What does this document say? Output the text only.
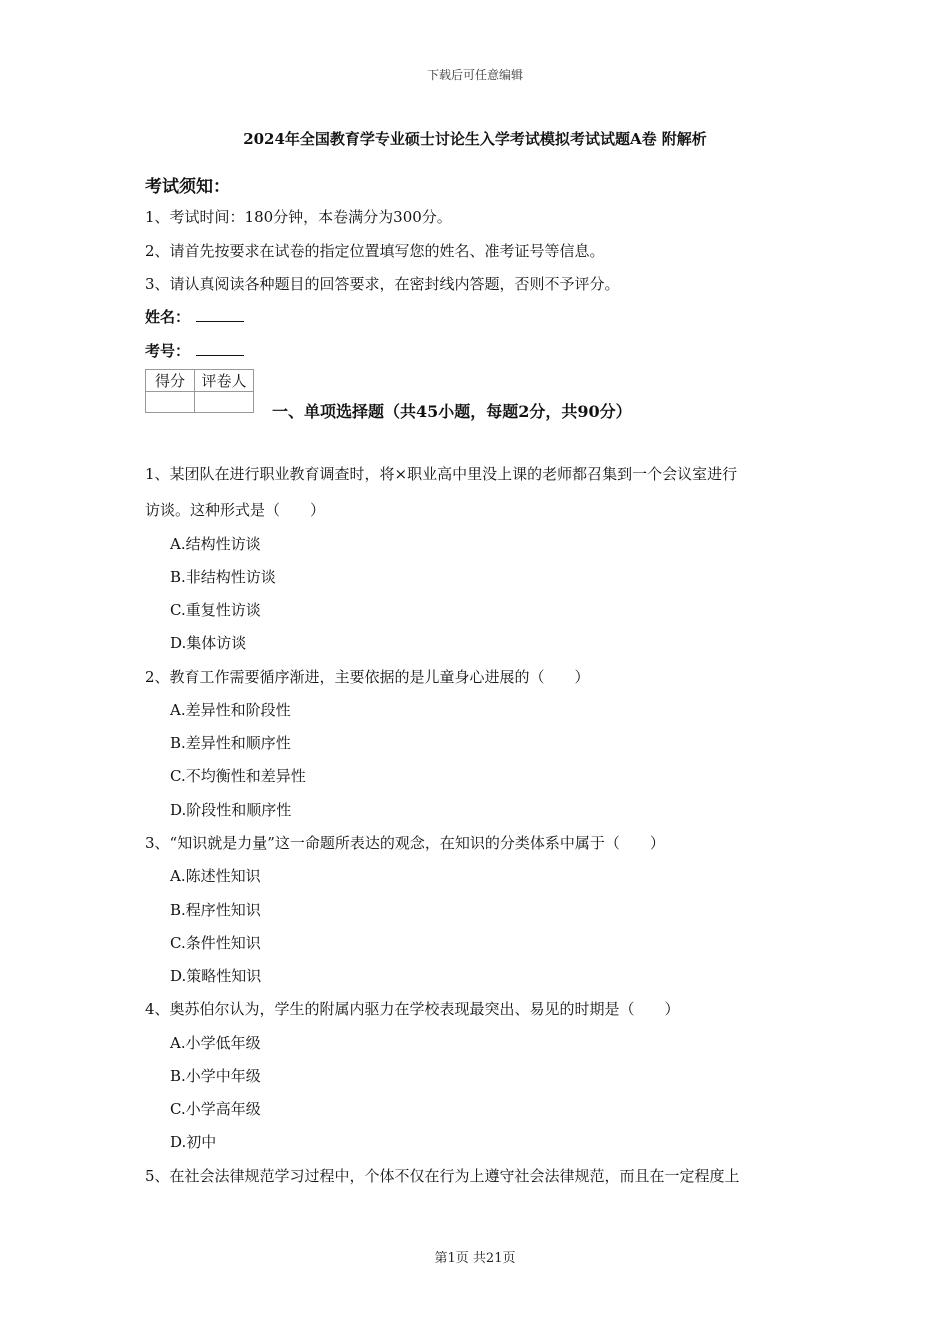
下载后可任意编辑
2024年全国教育学专业硕士讨论生入学考试模拟考试试题A卷 附解析
考试须知：
1、考试时间：180分钟，本卷满分为300分。
2、请首先按要求在试卷的指定位置填写您的姓名、准考证号等信息。
3、请认真阅读各种题目的回答要求，在密封线内答题，否则不予评分。
姓名：
考号：
得分	评卷人

一、单项选择题（共45小题，每题2分，共90分）
1、某团队在进行职业教育调查时，将×职业高中里没上课的老师都召集到一个会议室进行
访谈。这种形式是（　　）
A.结构性访谈
B.非结构性访谈
C.重复性访谈
D.集体访谈
2、教育工作需要循序渐进，主要依据的是儿童身心进展的（　　）
A.差异性和阶段性
B.差异性和顺序性
C.不均衡性和差异性
D.阶段性和顺序性
3、“知识就是力量”这一命题所表达的观念，在知识的分类体系中属于（　　）
A.陈述性知识
B.程序性知识
C.条件性知识
D.策略性知识
4、奥苏伯尔认为，学生的附属内驱力在学校表现最突出、易见的时期是（　　）
A.小学低年级
B.小学中年级
C.小学高年级
D.初中
5、在社会法律规范学习过程中，个体不仅在行为上遵守社会法律规范，而且在一定程度上
第1页 共21页
